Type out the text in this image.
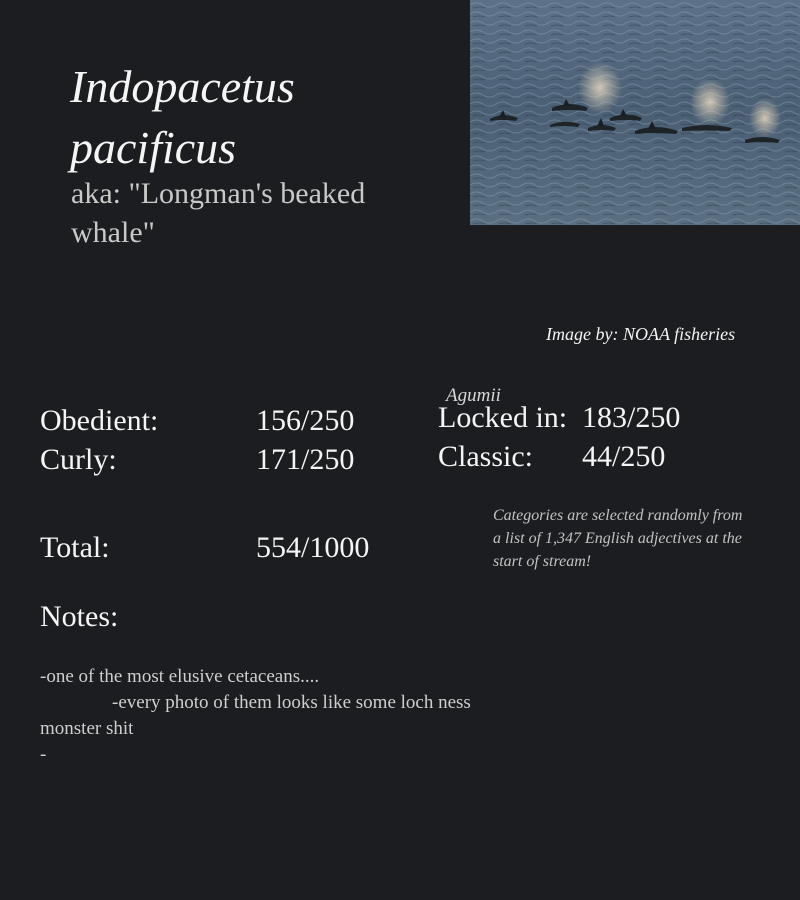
Indopacetus
pacificus
aka: "Longman's beaked whale"
Image by: NOAA fisheries
Agumii
Obedient:	156/250
Curly:	171/250
Locked in: 183/250
Classic: 44/250
Total:	554/1000
Categories are selected randomly from a list of 1,347 English adjectives at the start of stream!
Notes:
-one of the most elusive cetaceans....
-every photo of them looks like some loch ness
monster shit
-
